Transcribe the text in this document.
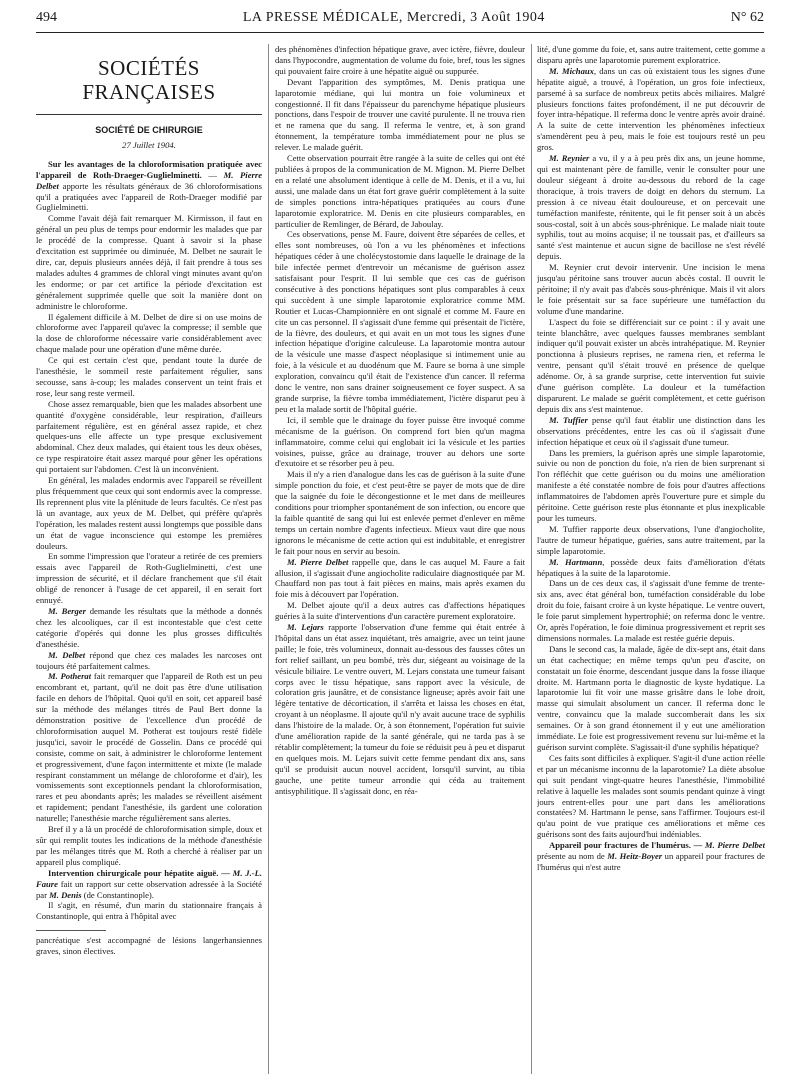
494	LA PRESSE MÉDICALE, Mercredi, 3 Août 1904	N° 62
SOCIÉTÉS FRANÇAISES
SOCIÉTÉ DE CHIRURGIE
27 Juillet 1904.

Sur les avantages de la chloroformisation pratiquée avec l'appareil de Roth-Draeger-Guglielminetti. — M. Pierre Delbet apporte les résultats généraux de 36 chloroformisations qu'il a pratiquées avec l'appareil de Roth-Draeger modifié par Guglielminetti.

Comme l'avait déjà fait remarquer M. Kirmisson, il faut en général un peu plus de temps pour endormir les malades que par le procédé de la compresse. Quant à savoir si la phase d'excitation est supprimée ou diminuée, M. Delbet ne saurait le dire, car, depuis plusieurs années déjà, il fait prendre à tous ses malades adultes 4 grammes de chloral vingt minutes avant qu'on les endorme; or par cet artifice la période d'excitation est généralement supprimée quelle que soit la manière dont on administre le chloroforme.

Il également difficile à M. Delbet de dire si on use moins de chloroforme avec l'appareil qu'avec la compresse; il semble que la dose de chloroforme nécessaire varie considérablement avec chaque malade pour une opération d'une même durée.

Ce qui est certain c'est que, pendant toute la durée de l'anesthésie, le sommeil reste parfaitement régulier, sans secousse, sans à-coup; les malades conservent un teint frais et rose, leur sang reste vermeil.

Chose assez remarquable, bien que les malades absorbent une quantité d'oxygène considérable, leur respiration, d'ailleurs parfaitement régulière, est en général assez rapide, et chez quelques-uns elle affecte un type presque exclusivement abdominal. Chez deux malades, qui étaient tous les deux obèses, ce type respiratoire était assez marqué pour gêner les opérations qui portaient sur l'abdomen. C'est là un inconvénient.

En général, les malades endormis avec l'appareil se réveillent plus fréquemment que ceux qui sont endormis avec la compresse. Ils reprennent plus vite la plénitude de leurs facultés. Ce n'est pas là un avantage, aux yeux de M. Delbet, qui préfère qu'après l'opération, les malades restent aussi longtemps que possible dans un état de vague inconscience qui estompe les premières douleurs.

En somme l'impression que l'orateur a retirée de ces premiers essais avec l'appareil de Roth-Guglielminetti, c'est une impression de sécurité, et il déclare franchement que s'il était obligé de renoncer à l'usage de cet appareil, il en serait fort ennuyé.

M. Berger demande les résultats que la méthode a donnés chez les alcooliques, car il est incontestable que c'est cette catégorie d'opérés qui donne les plus grosses difficultés d'anesthésie.

M. Delbet répond que chez ces malades les narcoses ont toujours été parfaitement calmes.

M. Potherat fait remarquer que l'appareil de Roth est un peu encombrant et, partant, qu'il ne doit pas être d'une utilisation facile en dehors de l'hôpital. Quoi qu'il en soit, cet appareil basé sur la méthode des mélanges titrés de Paul Bert donne la démonstration positive de l'excellence d'un procédé de chloroformisation auquel M. Potherat est toujours resté fidèle jusqu'ici, savoir le procédé de Gosselin. Dans ce procédé qui consiste, comme on sait, à administrer le chloroforme lentement et progressivement, d'une façon intermittente et mixte (le malade respirant constamment un mélange de chloroforme et d'air), les vomissements sont exceptionnels pendant la chloroformisation, rares et peu abondants après; les malades se réveillent aisément et rapidement; pendant l'anesthésie, ils gardent une coloration naturelle; l'anesthésie marche régulièrement sans alertes.

Bref il y a là un procédé de chloroformisation simple, doux et sûr qui remplit toutes les indications de la méthode d'anesthésie par les mélanges titrés que M. Roth a cherché à réaliser par un appareil plus compliqué.

Intervention chirurgicale pour hépatite aiguë. — M. J.-L. Faure fait un rapport sur cette observation adressée à la Société par M. Denis (de Constantinople).

Il s'agit, en résumé, d'un marin du stationnaire français à Constantinople, qui entra à l'hôpital avec

pancréatique s'est accompagné de lésions langerhansiennes graves, sinon électives.

des phénomènes d'infection hépatique grave, avec ictère, fièvre, douleur dans l'hypocondre, augmentation de volume du foie, bref, tous les signes qui pouvaient faire croire à une hépatite aiguë ou suppurée.

Devant l'apparition des symptômes, M. Denis pratiqua une laparotomie médiane, qui lui montra un foie volumineux et congestionné. Il fit dans l'épaisseur du parenchyme hépatique plusieurs ponctions, dans l'espoir de trouver une cavité purulente. Il ne trouva rien et ne ramena que du sang. Il referma le ventre, et, à son grand étonnement, la température tomba immédiatement pour ne plus se relever. Le malade guérit.

Cette observation pourrait être rangée à la suite de celles qui ont été publiées à propos de la communication de M. Mignon. M. Pierre Delbet en a relaté une absolument identique à celle de M. Denis, et il a vu, lui aussi, une malade dans un état fort grave guérir complètement à la suite de simples ponctions intra-hépatiques pratiquées au cours d'une laparotomie exploratrice. M. Denis en cite plusieurs comparables, en particulier de Remlinger, de Bérard, de Jaboulay.

Ces observations, pense M. Faure, doivent être séparées de celles, et elles sont nombreuses, où l'on a vu les phénomènes et infections hépatiques céder à une cholécystostomie dans laquelle le drainage de la bile infectée permet d'entrevoir un mécanisme de guérison assez satisfaisant pour l'esprit. Il lui semble que ces cas de guérison consécutive à des ponctions hépatiques sont plus comparables à ceux qui succèdent à une simple laparotomie exploratrice comme MM. Routier et Lucas-Championnière en ont signalé et comme M. Faure en cite un cas personnel. Il s'agissait d'une femme qui présentait de l'ictère, de la fièvre, des douleurs, et qui avait en un mot tous les signes d'une infection hépatique d'origine calculeuse. La laparotomie montra autour de la vésicule une masse d'aspect néoplasique si intimement unie au foie, à la vésicule et au duodénum que M. Faure se borna à une simple exploration, convaincu qu'il était de l'existence d'un cancer. Il referma donc le ventre, non sans drainer soigneusement ce foyer suspect. A sa grande surprise, la fièvre tomba immédiatement, l'ictère disparut peu à peu et la malade sortit de l'hôpital guérie.

Ici, il semble que le drainage du foyer puisse être invoqué comme mécanisme de la guérison. On comprend fort bien qu'un magma inflammatoire, comme celui qui englobait ici la vésicule et les parties voisines, puisse, grâce au drainage, trouver au dehors une sorte d'exutoire et se résorber peu à peu.

Mais il n'y a rien d'analogue dans les cas de guérison à la suite d'une simple ponction du foie, et c'est peut-être se payer de mots que de dire que la saignée du foie le décongestionne et le met dans de meilleures conditions pour triompher spontanément de son infection, ou encore que la faible quantité de sang qui lui est enlevée permet d'enlever en même temps un certain nombre d'agents infectieux. Mieux vaut dire que nous ignorons le mécanisme de cette action qui est indubitable, et enregistrer le fait pour nous en servir au besoin.

M. Pierre Delbet rappelle que, dans le cas auquel M. Faure a fait allusion, il s'agissait d'une angiocholite radiculaire diagnostiquée par M. Chauffard non pas tout à fait pièces en mains, mais après examen du foie mis à découvert par l'opération.

M. Delbet ajoute qu'il a deux autres cas d'affections hépatiques guéries à la suite d'interventions d'un caractère purement exploratoire.

M. Lejars rapporte l'observation d'une femme qui était entrée à l'hôpital dans un état assez inquiétant, très amaigrie, avec un teint jaune paille; le foie, très volumineux, donnait au-dessous des fausses côtes un fort relief saillant, un peu bombé, très dur, siégeant au voisinage de la vésicule biliaire. Le ventre ouvert, M. Lejars constata une tumeur faisant corps avec le tissu hépatique, sans rapport avec la vésicule, de coloration gris jaunâtre, et de consistance ligneuse; après avoir fait une légère tentative de décortication, il s'arrêta et laissa les choses en état, croyant à un néoplasme. Il ajoute qu'il n'y avait aucune trace de syphilis dans l'histoire de la malade. Or, à son étonnement, l'opération fut suivie d'une amélioration rapide de la santé générale, qui ne tarda pas à se rétablir complètement; la tumeur du foie se réduisit peu à peu et disparut en quelques mois. M. Lejars suivit cette femme pendant dix ans, sans qu'il se produisit aucun nouvel accident, lorsqu'il survint, au tibia gauche, une petite tumeur arrondie qui céda au traitement antisyphilitique. Il s'agissait donc, en réa-

lité, d'une gomme du foie, et, sans autre traitement, cette gomme a disparu après une laparotomie purement exploratrice.

M. Michaux, dans un cas où existaient tous les signes d'une hépatite aiguë, a trouvé, à l'opération, un gros foie infectieux, parsemé à sa surface de nombreux petits abcès miliaires. Malgré plusieurs fonctions faites profondément, il ne put découvrir de foyer intra-hépatique. Il referma donc le ventre après avoir drainé. A la suite de cette intervention les phénomènes infectieux s'amendèrent peu à peu, mais le foie est toujours resté un peu gros.

M. Reynier a vu, il y a à peu près dix ans, un jeune homme, qui est maintenant père de famille, venir le consulter pour une douleur siégeant à droite au-dessous du rebord de la cage thoracique, à trois travers de doigt en dehors du sternum. La pression à ce niveau était douloureuse, et on percevait une tuméfaction manifeste, rénitente, qui le fit penser soit à un abcès sous-costal, soit à un abcès sous-phrénique. Le malade niait toute syphilis, tout au moins acquise; il ne toussait pas, et d'ailleurs sa santé s'est maintenue et aucun signe de bacillose ne s'est révélé depuis.

M. Reynier crut devoir intervenir. Une incision le mena jusqu'au péritoine sans trouver aucun abcès costal. Il ouvrit le péritoine; il n'y avait pas d'abcès sous-phrénique. Mais il vit alors le foie présentait sur sa face supérieure une tuméfaction du volume d'une mandarine.

L'aspect du foie se différenciait sur ce point : il y avait une teinte blanchâtre, avec quelques fausses membranes semblant indiquer qu'il pouvait exister un abcès intrahépatique. M. Reynier ponctionna à plusieurs reprises, ne ramena rien, et referma le ventre, pensant qu'il s'était trouvé en présence de quelque adénome. Or, à sa grande surprise, cette intervention fut suivie d'une guérison complète. La douleur et la tuméfaction disparurent. Le malade se guérit complètement, et cette guérison depuis dix ans s'est maintenue.

M. Tuffier pense qu'il faut établir une distinction dans les observations précédentes, entre les cas où il s'agissait d'une infection hépatique et ceux où il s'agissait d'une tumeur.

Dans les premiers, la guérison après une simple laparotomie, suivie ou non de ponction du foie, n'a rien de bien surprenant si l'on réfléchit que cette guérison ou du moins une amélioration manifeste a été constatée nombre de fois pour d'autres affections inflammatoires de l'abdomen après l'ouverture pure et simple du péritoine. Cette guérison reste plus étonnante et plus inexplicable pour les tumeurs.

M. Tuffier rapporte deux observations, l'une d'angiocholite, l'autre de tumeur hépatique, guéries, sans autre traitement, par la simple laparotomie.

M. Hartmann, possède deux faits d'amélioration d'états hépatiques à la suite de la laparotomie.

Dans un de ces deux cas, il s'agissait d'une femme de trente-six ans, avec état général bon, tuméfaction considérable du lobe droit du foie, faisant croire à un kyste hépatique. Le ventre ouvert, le foie parut simplement hypertrophié; on referma donc le ventre. Or, après l'opération, le foie diminua progressivement et reprit ses dimensions normales. La malade est restée guérie depuis.

Dans le second cas, la malade, âgée de dix-sept ans, était dans un état cachectique; en même temps qu'un peu d'ascite, on constatait un foie énorme, descendant jusque dans la fosse iliaque droite. M. Hartmann porta le diagnostic de kyste hydatique. La laparotomie lui fit voir une masse grisâtre dans le lobe droit, masse qui simulait absolument un cancer. Il referma donc le ventre, convaincu que la malade succomberait dans les six semaines. Or à son grand étonnement il y eut une amélioration immédiate. Le foie est progressivement revenu sur lui-même et la guérison survint complète. S'agissait-il d'une syphilis hépatique?

Ces faits sont difficiles à expliquer. S'agit-il d'une action réelle et par un mécanisme inconnu de la laparotomie? La diète absolue qui suit pendant vingt-quatre heures l'anesthésie, l'immobilité relative à laquelle les malades sont soumis pendant quinze à vingt jours entrent-elles pour une part dans les améliorations constatées? M. Hartmann le pense, sans l'affirmer. Toujours est-il qu'au point de vue pratique ces améliorations et même ces guérisons sont des faits aujourd'hui indéniables.

Appareil pour fractures de l'humérus. — M. Pierre Delbet présente au nom de M. Heitz-Boyer un appareil pour fractures de l'humérus qui n'est autre
